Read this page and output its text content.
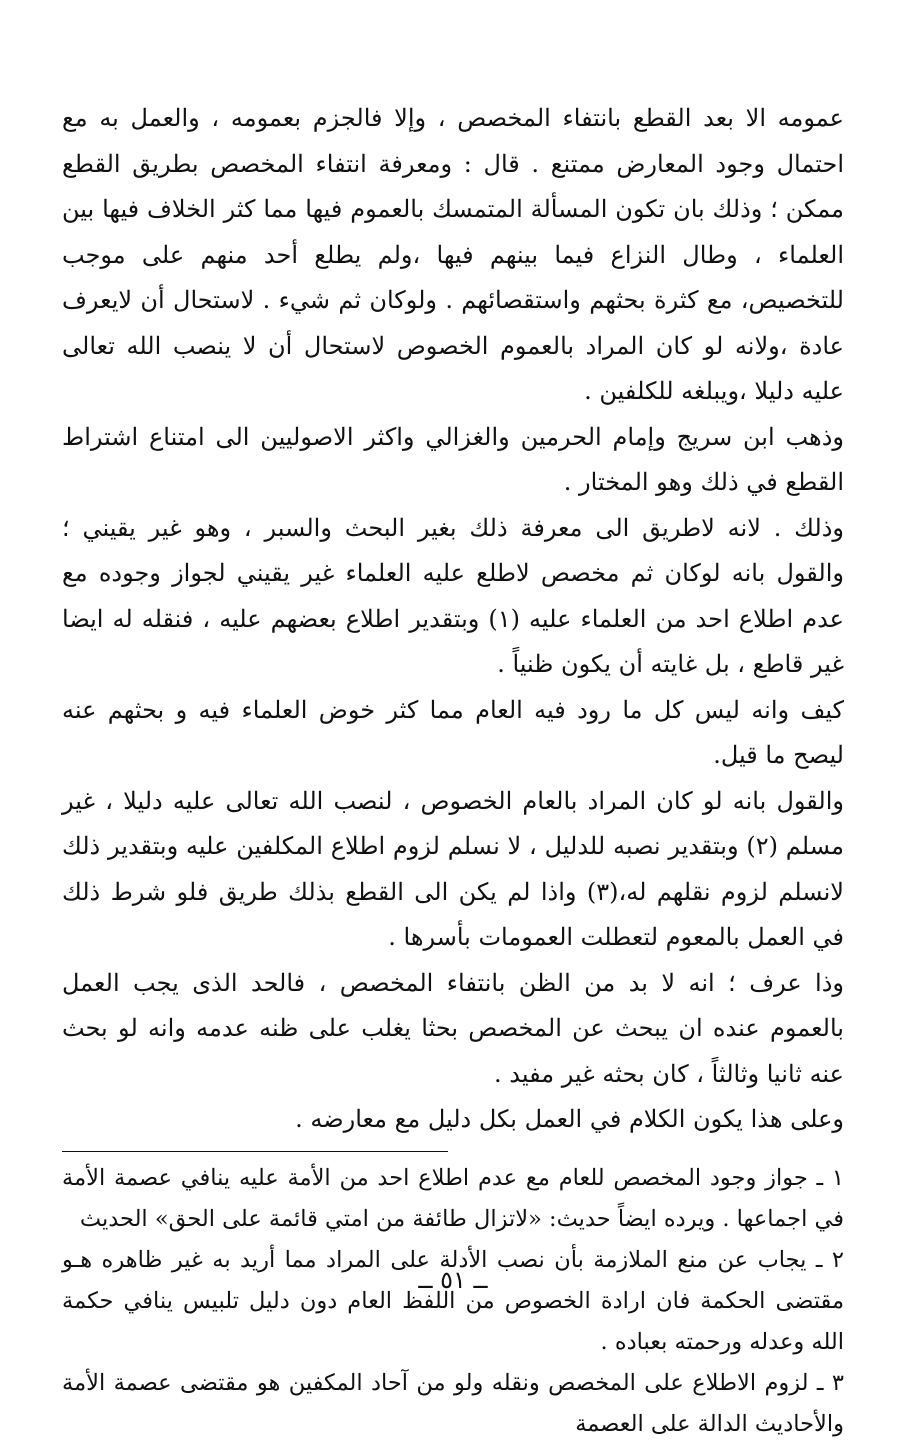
عمومه الا بعد القطع بانتفاء المخصص ، وإلا فالجزم بعمومه ، والعمل به مع احتمال وجود المعارض ممتنع . قال : ومعرفة انتفاء المخصص بطريق القطع ممكن ؛ وذلك بان تكون المسألة المتمسك بالعموم فيها مما كثر الخلاف فيها بين العلماء ، وطال النزاع فيما بينهم فيها ،ولم يطلع أحد منهم على موجب للتخصيص، مع كثرة بحثهم واستقصائهم . ولوكان ثم شيء . لاستحال أن لايعرف عادة ،ولانه لو كان المراد بالعموم الخصوص لاستحال أن لا ينصب الله تعالى عليه دليلا ،ويبلغه للكلفين .

وذهب ابن سريج وإمام الحرمين والغزالي واكثر الاصوليين الى امتناع اشتراط القطع في ذلك وهو المختار .

وذلك . لانه لاطريق الى معرفة ذلك بغير البحث والسبر ، وهو غير يقيني ؛ والقول بانه لوكان ثم مخصص لاطلع عليه العلماء غير يقيني لجواز وجوده مع عدم اطلاع احد من العلماء عليه (١) وبتقدير اطلاع بعضهم عليه ، فنقله له ايضا غير قاطع ، بل غايته أن يكون ظنياً .

كيف وانه ليس كل ما رود فيه العام مما كثر خوض العلماء فيه و بحثهم عنه ليصح ما قيل.

والقول بانه لو كان المراد بالعام الخصوص ، لنصب الله تعالى عليه دليلا ، غير مسلم (٢) وبتقدير نصبه للدليل ، لا نسلم لزوم اطلاع المكلفين عليه وبتقدير ذلك لانسلم لزوم نقلهم له،(٣) واذا لم يكن الى القطع بذلك طريق فلو شرط ذلك في العمل بالمعوم لتعطلت العمومات بأسرها .

وذا عرف ؛ انه لا بد من الظن بانتفاء المخصص ، فالحد الذى يجب العمل بالعموم عنده ان يبحث عن المخصص بحثا يغلب على ظنه عدمه وانه لو بحث عنه ثانيا وثالثاً ، كان بحثه غير مفيد .

وعلى هذا يكون الكلام في العمل بكل دليل مع معارضه .

١ ـ جواز وجود المخصص للعام مع عدم اطلاع احد من الأمة عليه ينافي عصمة الأمة في اجماعها . ويرده ايضاً حديث: «لاتزال طائفة من امتي قائمة على الحق» الحديث

٢ ـ يجاب عن منع الملازمة بأن نصب الأدلة على المراد مما أريد به غير ظاهره هـو مقتضى الحكمة فان ارادة الخصوص من اللفظ العام دون دليل تلبيس ينافي حكمة الله وعدله ورحمته بعباده .

٣ ـ لزوم الاطلاع على المخصص ونقله ولو من آحاد المكفين هو مقتضى عصمة الأمة والأحاديث الدالة على العصمة

ــ ٥١ ــ
